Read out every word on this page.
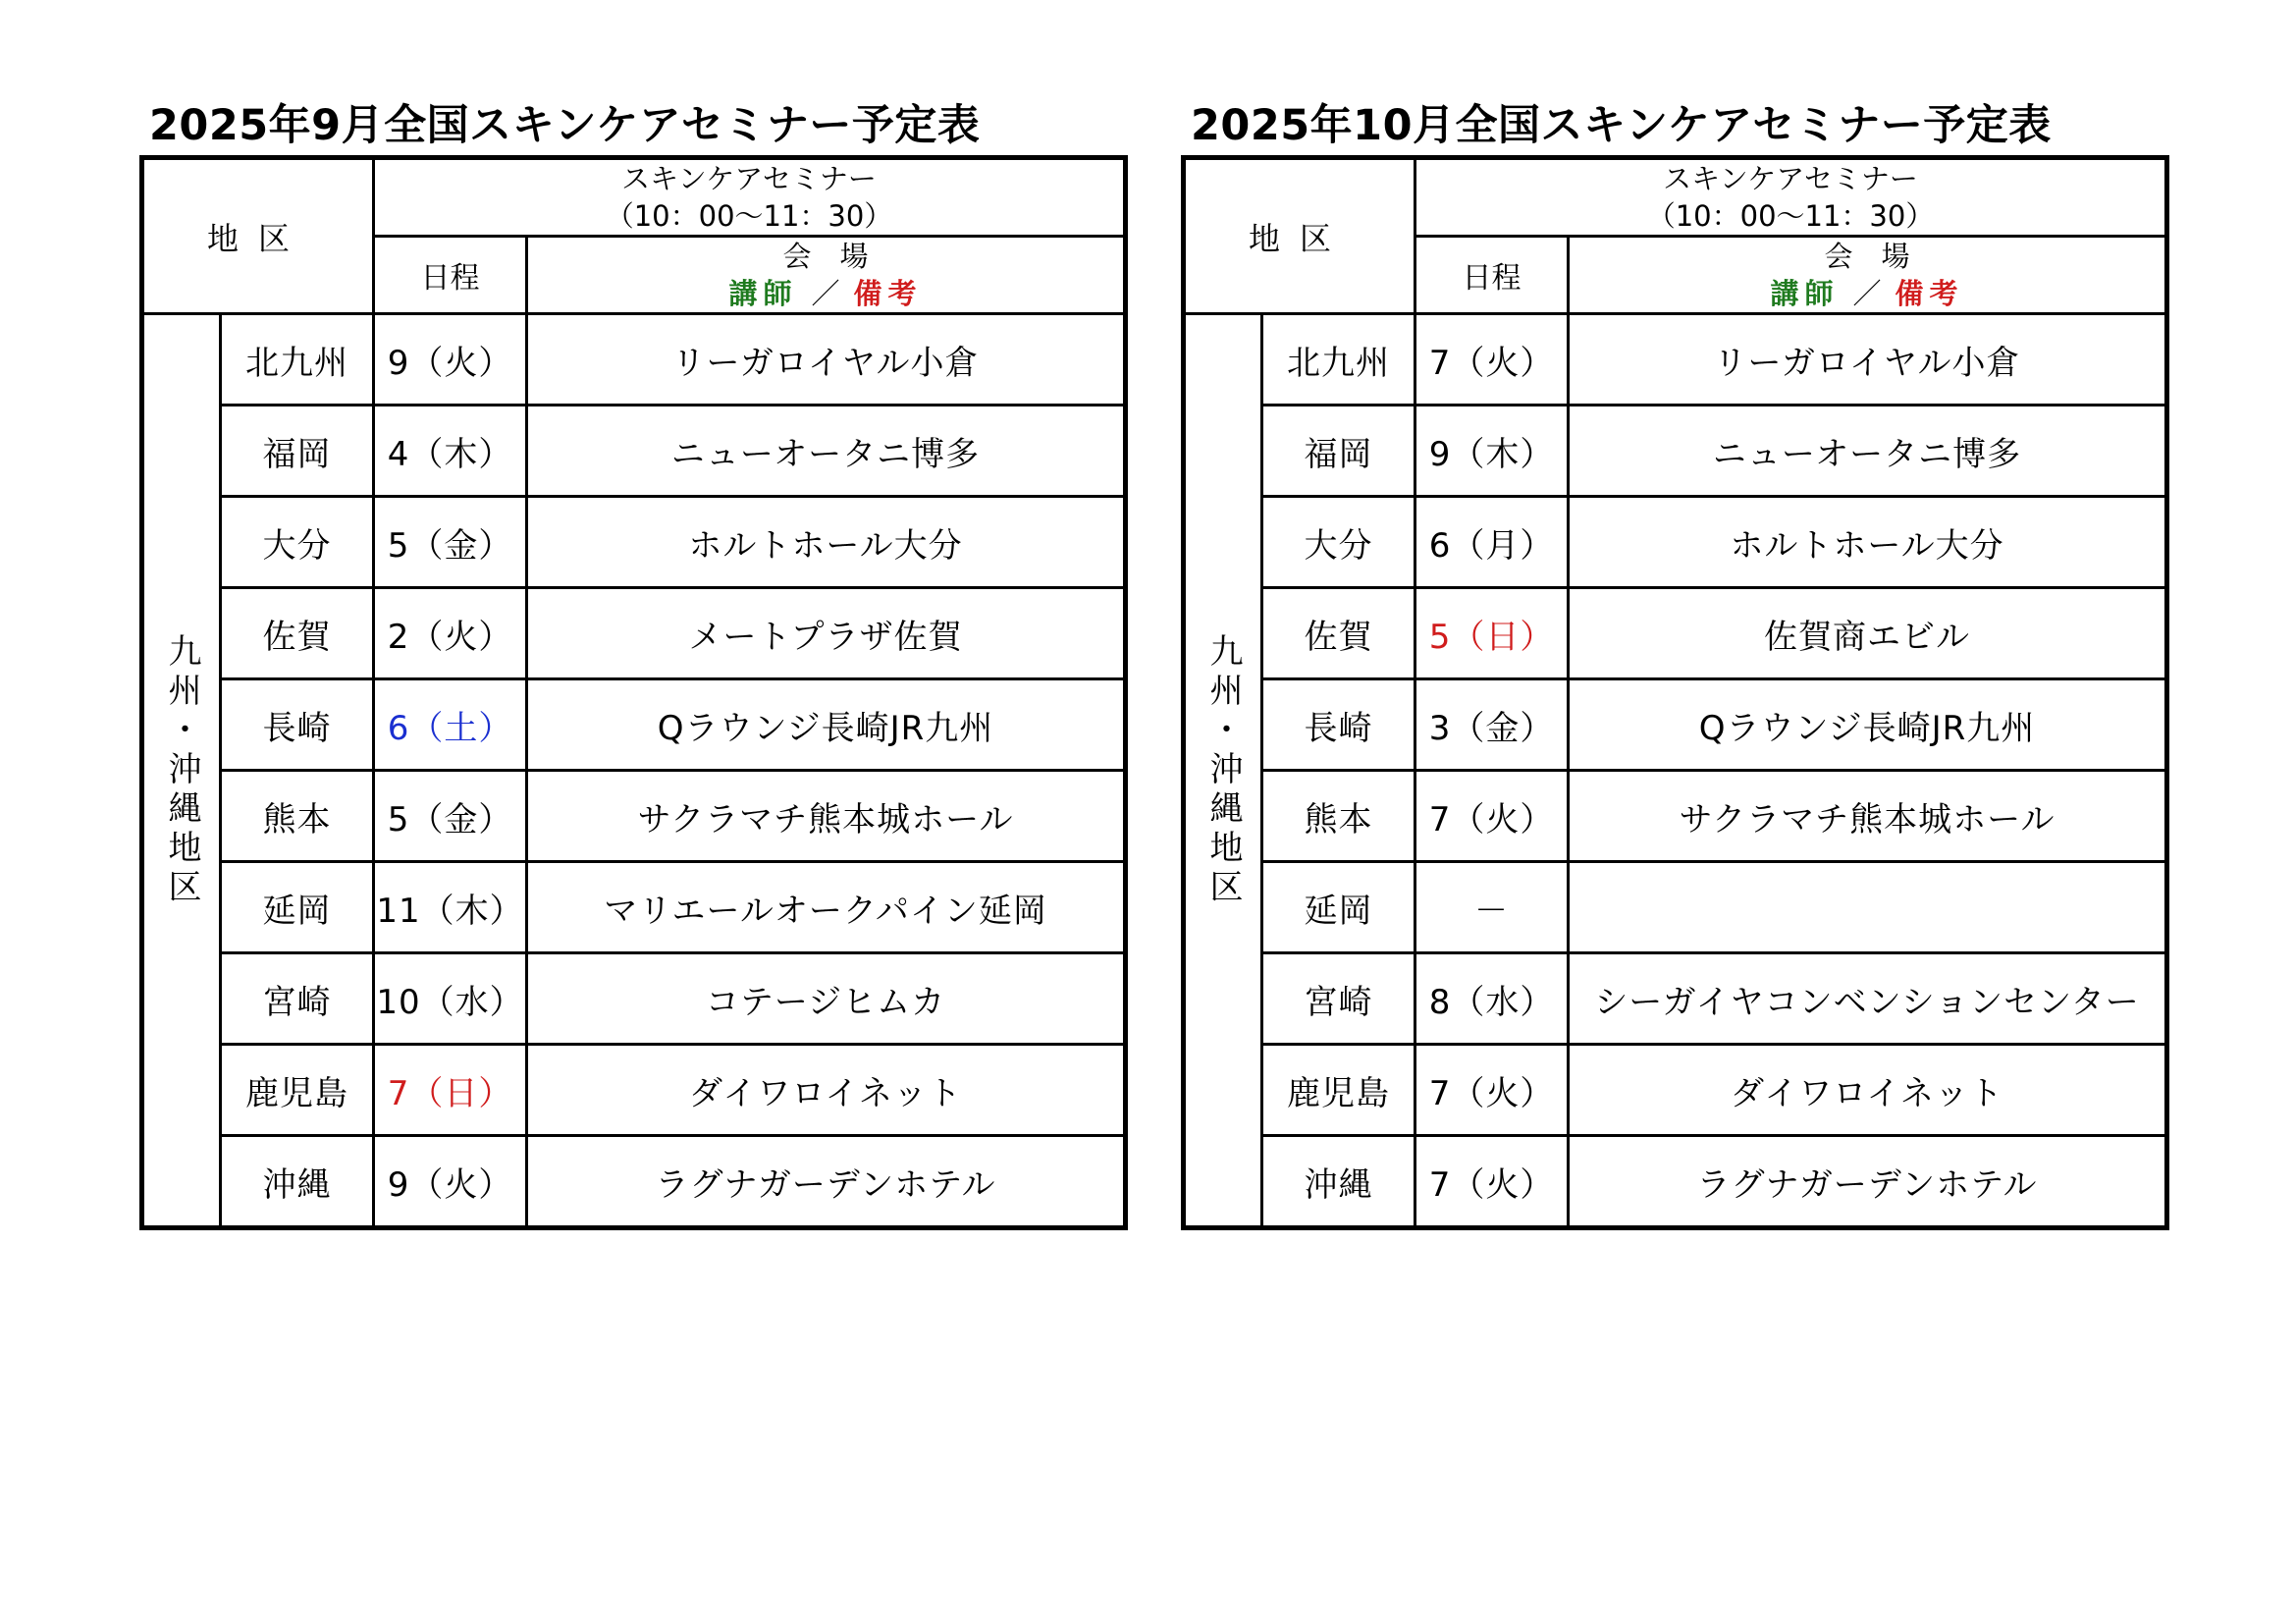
2025年9月全国スキンケアセミナー予定表
地区		スキンケアセミナー
（10：00～11：30）	

		日程	会　場
講師 ／ 備考

九州・沖縄地区	北九州	9（火）	リーガロイヤル小倉
	福岡	4（木）	ニューオータニ博多
	大分	5（金）	ホルトホール大分
	佐賀	2（火）	メートプラザ佐賀
	長崎	6（土）	Qラウンジ長崎JR九州
	熊本	5（金）	サクラマチ熊本城ホール
	延岡	11（木）	マリエールオークパイン延岡
	宮崎	10（水）	コテージヒムカ
	鹿児島	7（日）	ダイワロイネット
	沖縄	9（火）	ラグナガーデンホテル
2025年10月全国スキンケアセミナー予定表
地区		スキンケアセミナー
（10：00～11：30）	

		日程	会　場
講師 ／ 備考

九州・沖縄地区	北九州	7（火）	リーガロイヤル小倉
	福岡	9（木）	ニューオータニ博多
	大分	6（月）	ホルトホール大分
	佐賀	5（日）	佐賀商エビル
	長崎	3（金）	Qラウンジ長崎JR九州
	熊本	7（火）	サクラマチ熊本城ホール
	延岡	－	
	宮崎	8（水）	シーガイヤコンベンションセンター
	鹿児島	7（火）	ダイワロイネット
	沖縄	7（火）	ラグナガーデンホテル
